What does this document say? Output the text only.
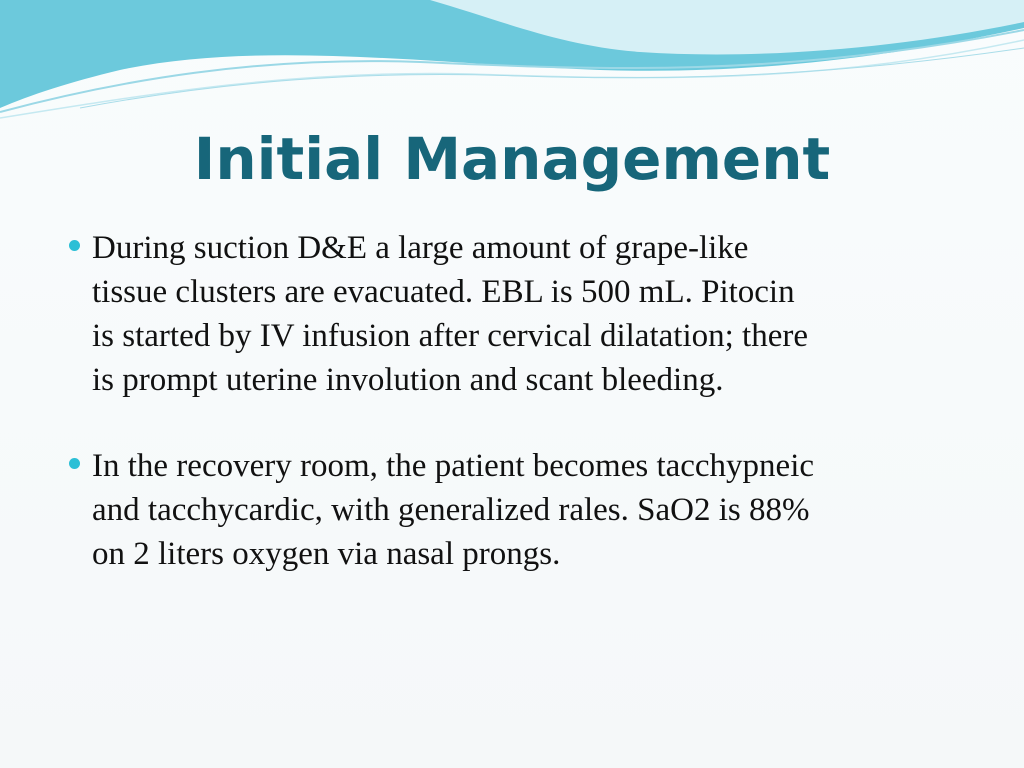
Initial Management
During suction D&E a large amount of grape-like
tissue clusters are evacuated. EBL is 500 mL. Pitocin
is started by IV infusion after cervical dilatation; there
is prompt uterine involution and scant bleeding.
In the recovery room, the patient becomes tacchypneic
and tacchycardic, with generalized rales. SaO2 is 88%
on 2 liters oxygen via nasal prongs.
